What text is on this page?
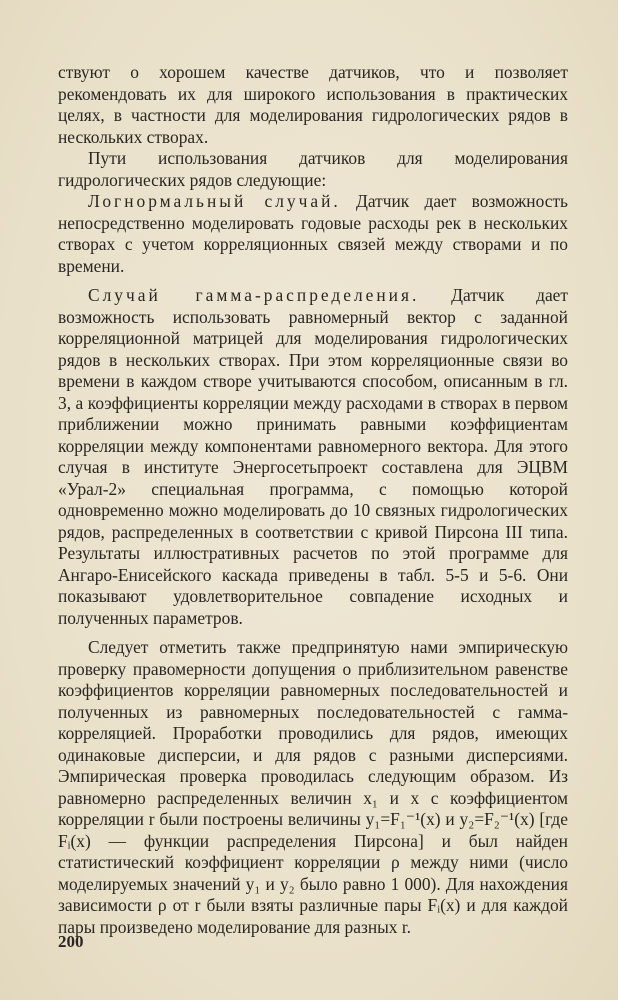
ствуют о хорошем качестве датчиков, что и позволяет рекомендовать их для широкого использования в практических целях, в частности для моделирования гидрологических рядов в нескольких створах.

Пути использования датчиков для моделирования гидрологических рядов следующие:

Логнормальный случай. Датчик дает возможность непосредственно моделировать годовые расходы рек в нескольких створах с учетом корреляционных связей между створами и по времени.

Случай гамма-распределения. Датчик дает возможность использовать равномерный вектор с заданной корреляционной матрицей для моделирования гидрологических рядов в нескольких створах. При этом корреляционные связи во времени в каждом створе учитываются способом, описанным в гл. 3, а коэффициенты корреляции между расходами в створах в первом приближении можно принимать равными коэффициентам корреляции между компонентами равномерного вектора. Для этого случая в институте Энергосетьпроект составлена для ЭЦВМ «Урал-2» специальная программа, с помощью которой одновременно можно моделировать до 10 связных гидрологических рядов, распределенных в соответствии с кривой Пирсона III типа. Результаты иллюстративных расчетов по этой программе для Ангаро-Енисейского каскада приведены в табл. 5-5 и 5-6. Они показывают удовлетворительное совпадение исходных и полученных параметров.

Следует отметить также предпринятую нами эмпирическую проверку правомерности допущения о приблизительном равенстве коэффициентов корреляции равномерных последовательностей и полученных из равномерных последовательностей с гамма-корреляцией. Проработки проводились для рядов, имеющих одинаковые дисперсии, и для рядов с разными дисперсиями. Эмпирическая проверка проводилась следующим образом. Из равномерно распределенных величин x₁ и x с коэффициентом корреляции r были построены величины y₁=F₁⁻¹(x) и y₂=F₂⁻¹(x) [где Fᵢ(x) — функции распределения Пирсона] и был найден статистический коэффициент корреляции ρ между ними (число моделируемых значений y₁ и y₂ было равно 1 000). Для нахождения зависимости ρ от r были взяты различные пары Fᵢ(x) и для каждой пары произведено моделирование для разных r.

200
